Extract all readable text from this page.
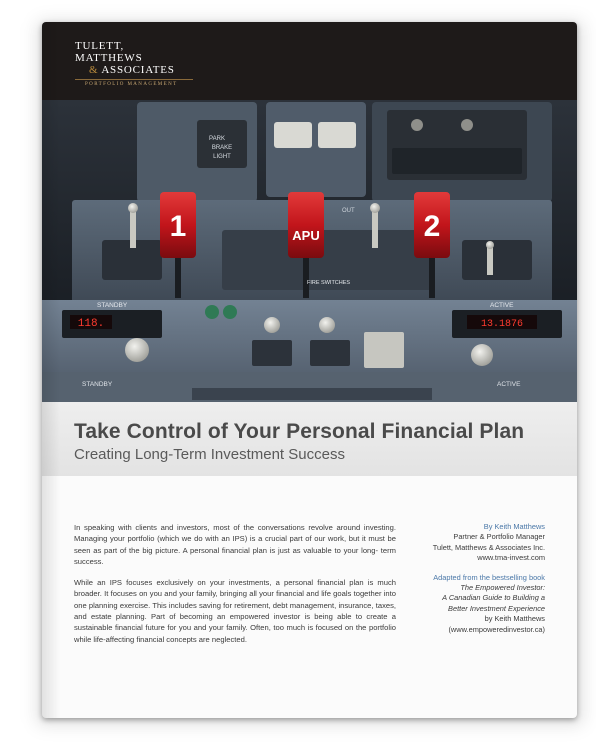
TULETT, MATTHEWS
& ASSOCIATES
PORTFOLIO MANAGEMENT
PARK
BRAKE
LIGHT
1	APU	2
OUT
FIRE SWITCHES
118.	13.1876
STANDBY	ACTIVE
STANDBY	ACTIVE
Take Control of Your Personal Financial Plan
Creating Long-Term Investment Success

In speaking with clients and investors, most of the conversations revolve around investing. Managing your portfolio (which we do with an IPS) is a crucial part of our work, but it must be seen as part of the big picture. A personal financial plan is just as valuable to your long- term success.

While an IPS focuses exclusively on your investments, a personal financial plan is much broader. It focuses on you and your family, bringing all your financial and life goals together into one planning exercise. This includes saving for retirement, debt management, insurance, taxes, and estate planning. Part of becoming an empowered investor is being able to create a sustainable financial future for you and your family. Often, too much is focused on the portfolio while life-affecting financial concepts are neglected.

By Keith Matthews
Partner & Portfolio Manager
Tulett, Matthews & Associates Inc.
www.tma-invest.com
Adapted from the bestselling book
The Empowered Investor:
A Canadian Guide to Building a
Better Investment Experience
by Keith Matthews
(www.empoweredinvestor.ca)
